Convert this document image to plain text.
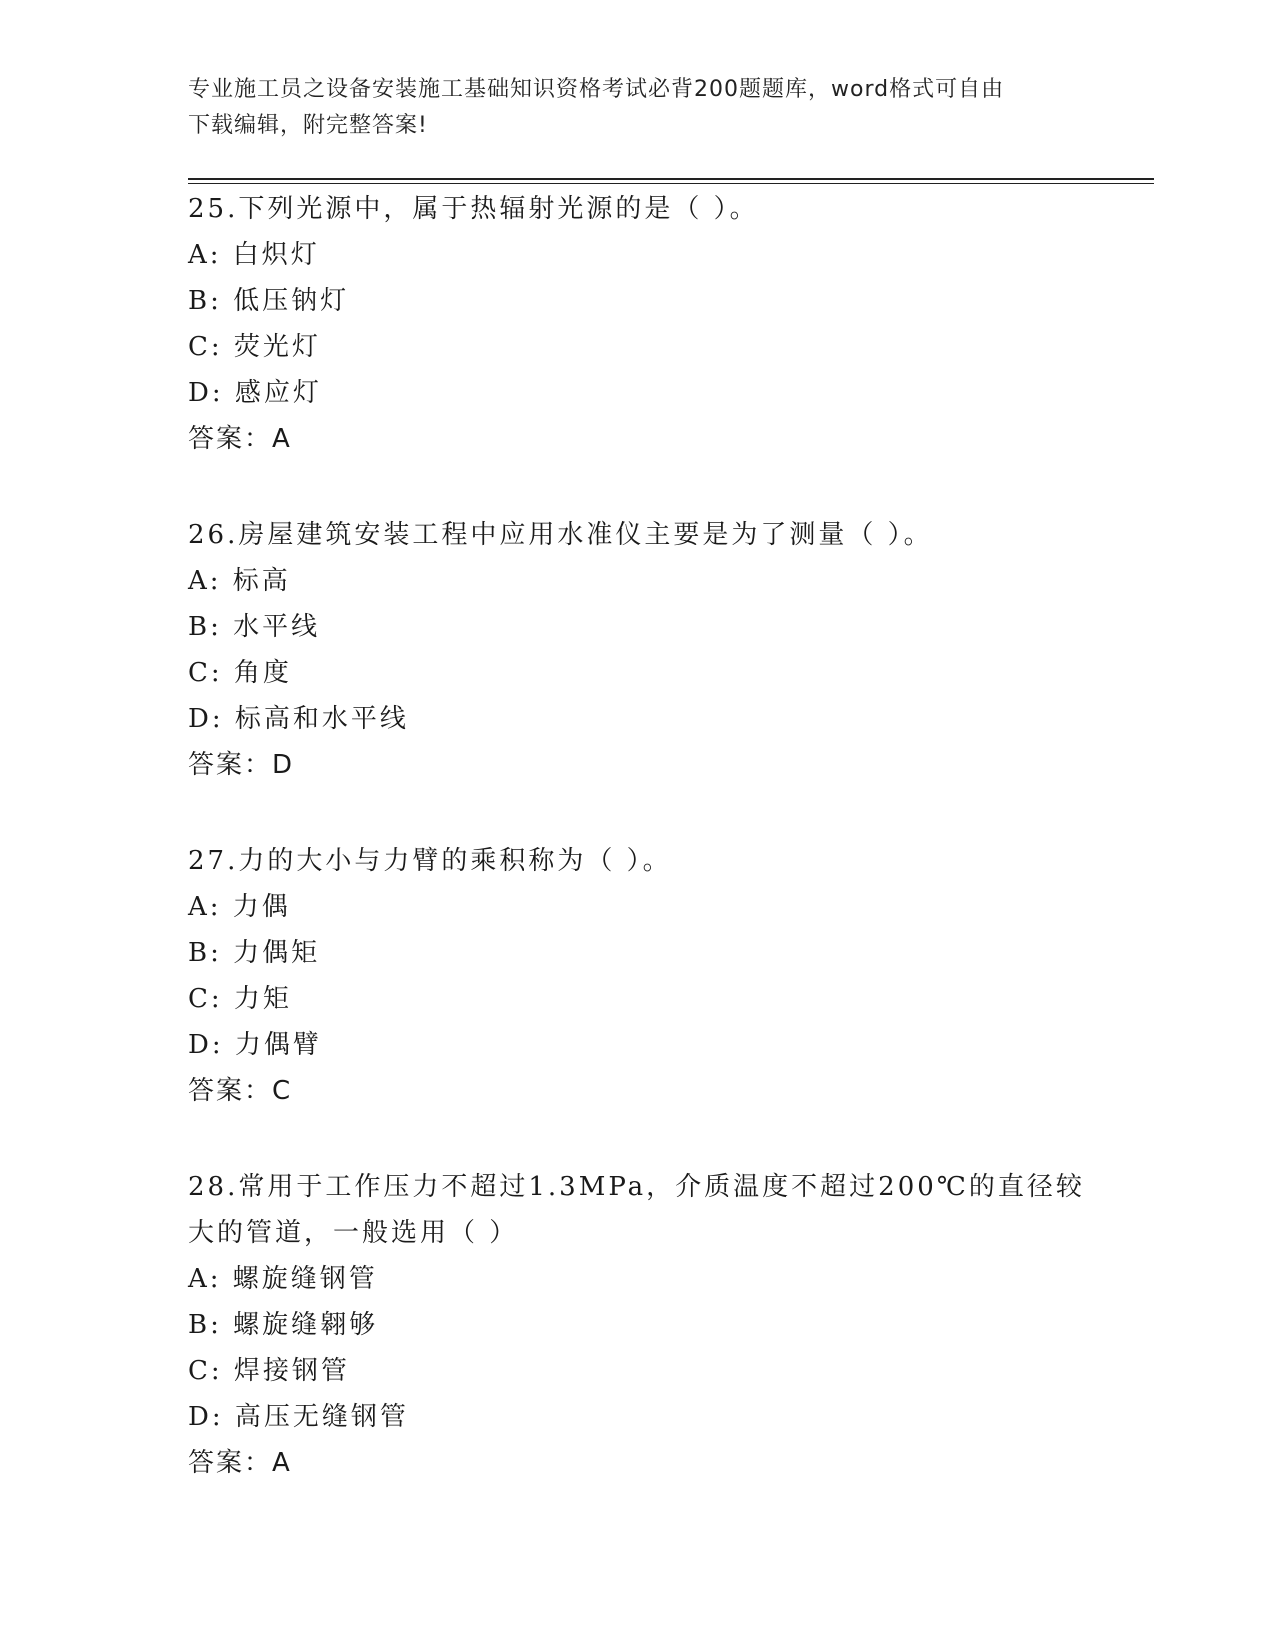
专业施工员之设备安装施工基础知识资格考试必背200题题库，word格式可自由
下载编辑，附完整答案!
25.下列光源中，属于热辐射光源的是（ ）。
A: 白炽灯
B: 低压钠灯
C: 荧光灯
D: 感应灯
答案：A
26.房屋建筑安装工程中应用水准仪主要是为了测量（ ）。
A: 标高
B: 水平线
C: 角度
D: 标高和水平线
答案：D
27.力的大小与力臂的乘积称为（ ）。
A: 力偶
B: 力偶矩
C: 力矩
D: 力偶臂
答案：C
28.常用于工作压力不超过1.3MPa，介质温度不超过200℃的直径较大的管道，一般选用（ ）
A: 螺旋缝钢管
B: 螺旋缝翱够
C: 焊接钢管
D: 高压无缝钢管
答案：A
